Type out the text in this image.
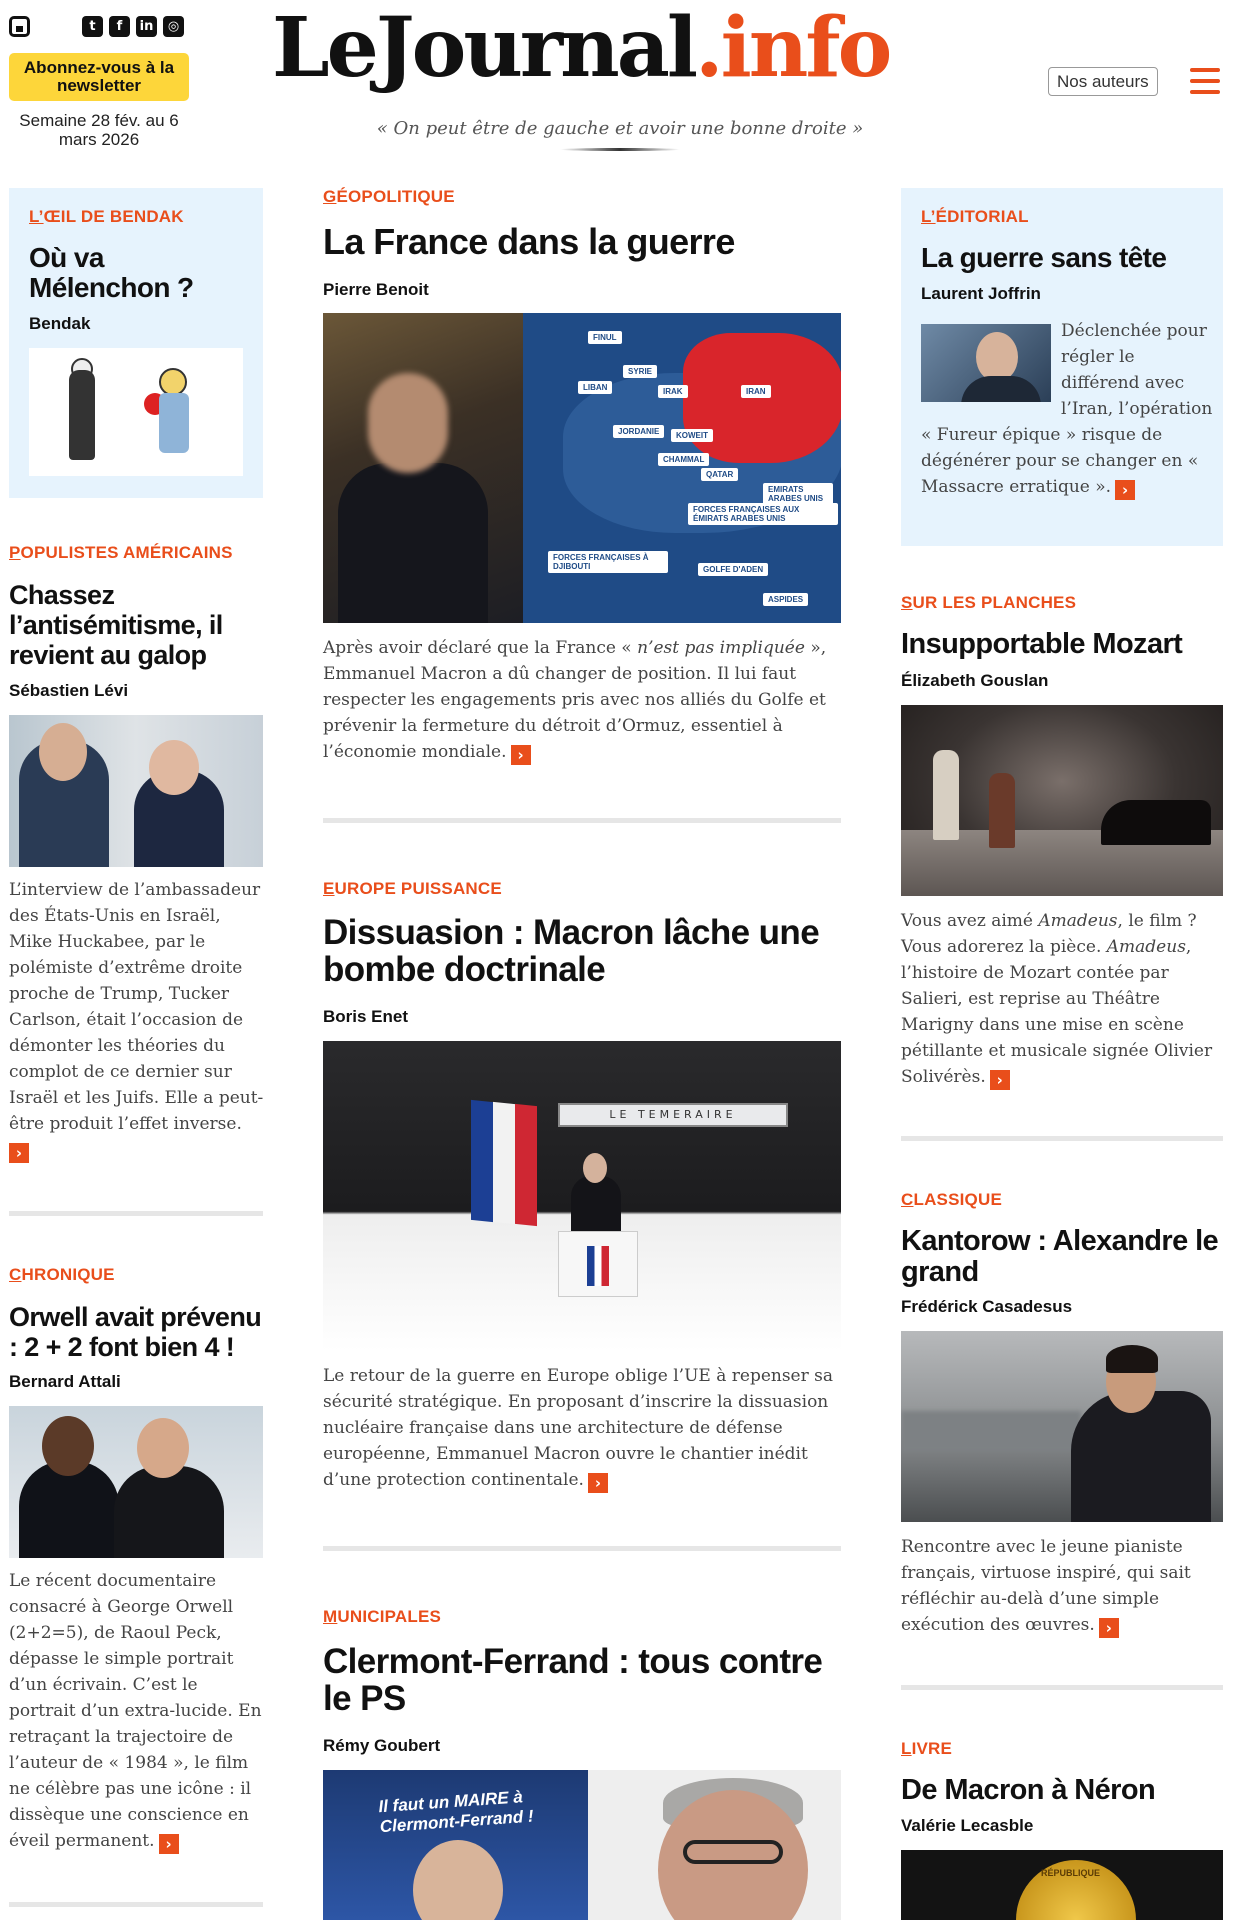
t	f	in	◎
Abonnez-vous à la newsletter
Semaine 28 fév. au 6 mars 2026
LeJournal.info
« On peut être de gauche et avoir une bonne droite »
Nos auteurs
L’ŒIL DE BENDAK
Où va Mélenchon ?
Bendak
POPULISTES AMÉRICAINS
Chassez l’antisémitisme, il revient au galop
Sébastien Lévi
L’interview de l’ambassadeur des États-Unis en Israël, Mike Huckabee, par le polémiste d’extrême droite proche de Trump, Tucker Carlson, était l’occasion de démonter les théories du complot de ce dernier sur Israël et les Juifs. Elle a peut-être produit l’effet inverse.
›
CHRONIQUE
Orwell avait prévenu : 2 + 2 font bien 4 !
Bernard Attali
Le récent documentaire consacré à George Orwell (2+2=5), de Raoul Peck, dépasse le simple portrait d’un écrivain. C’est le portrait d’un extra-lucide. En retraçant la trajectoire de l’auteur de « 1984 », le film ne célèbre pas une icône : il dissèque une conscience en éveil permanent. ›
GÉOPOLITIQUE
La France dans la guerre
Pierre Benoit
FINUL
SYRIE
LIBAN	IRAK	IRAN
JORDANIE	KOWEIT
CHAMMAL
QATAR
EMIRATS ARABES UNIS
FORCES FRANÇAISES AUX ÉMIRATS ARABES UNIS
FORCES FRANÇAISES À DJIBOUTI	GOLFE D'ADEN
ASPIDES
Après avoir déclaré que la France « n’est pas impliquée », Emmanuel Macron a dû changer de position. Il lui faut respecter les engagements pris avec nos alliés du Golfe et prévenir la fermeture du détroit d’Ormuz, essentiel à l’économie mondiale. ›
EUROPE PUISSANCE
Dissuasion : Macron lâche une bombe doctrinale
Boris Enet
LE TEMERAIRE
Le retour de la guerre en Europe oblige l’UE à repenser sa sécurité stratégique. En proposant d’inscrire la dissuasion nucléaire française dans une architecture de défense européenne, Emmanuel Macron ouvre le chantier inédit d’une protection continentale. ›
MUNICIPALES
Clermont-Ferrand : tous contre le PS
Rémy Goubert
Il faut un MAIRE à Clermont-Ferrand !
L’ÉDITORIAL
La guerre sans tête
Laurent Joffrin
Déclenchée pour régler le différend avec l’Iran, l’opération « Fureur épique » risque de dégénérer pour se changer en « Massacre erratique ». ›
SUR LES PLANCHES
Insupportable Mozart
Élizabeth Gouslan
Vous avez aimé Amadeus, le film ? Vous adorerez la pièce. Amadeus, l’histoire de Mozart contée par Salieri, est reprise au Théâtre Marigny dans une mise en scène pétillante et musicale signée Olivier Solivérès. ›
CLASSIQUE
Kantorow : Alexandre le grand
Frédérick Casadesus
Rencontre avec le jeune pianiste français, virtuose inspiré, qui sait réfléchir au-delà d’une simple exécution des œuvres. ›
LIVRE
De Macron à Néron
Valérie Lecasble
RÉPUBLIQUE
